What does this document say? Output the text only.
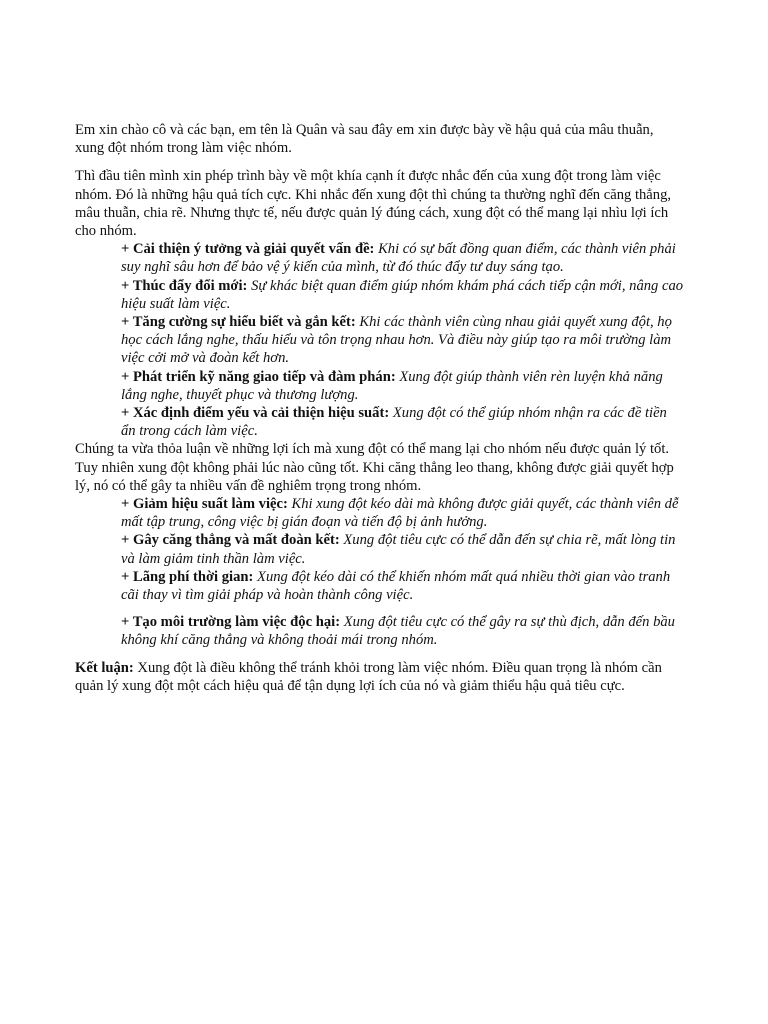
Em xin chào cô và các bạn, em tên là Quân và sau đây em xin được bày về hậu quả của mâu thuẫn, xung đột nhóm trong làm việc nhóm.

Thì đầu tiên mình xin phép trình bày về một khía cạnh ít được nhắc đến của xung đột trong làm việc nhóm. Đó là những hậu quả tích cực. Khi nhắc đến xung đột thì chúng ta thường nghĩ đến căng thẳng, mâu thuẫn, chia rẽ. Nhưng thực tế, nếu được quản lý đúng cách, xung đột có thể mang lại nhìu lợi ích cho nhóm.

+ Cải thiện ý tưởng và giải quyết vấn đề: Khi có sự bất đồng quan điểm, các thành viên phải suy nghĩ sâu hơn để bảo vệ ý kiến của mình, từ đó thúc đẩy tư duy sáng tạo.
+ Thúc đẩy đổi mới: Sự khác biệt quan điểm giúp nhóm khám phá cách tiếp cận mới, nâng cao hiệu suất làm việc.
+ Tăng cường sự hiểu biết và gắn kết: Khi các thành viên cùng nhau giải quyết xung đột, họ học cách lắng nghe, thấu hiểu và tôn trọng nhau hơn. Và điều này giúp tạo ra môi trường làm việc cởi mở và đoàn kết hơn.
+ Phát triển kỹ năng giao tiếp và đàm phán: Xung đột giúp thành viên rèn luyện khả năng lắng nghe, thuyết phục và thương lượng.
+ Xác định điểm yếu và cải thiện hiệu suất: Xung đột có thể giúp nhóm nhận ra các đề tiền ẩn trong cách làm việc.

Chúng ta vừa thỏa luận về những lợi ích mà xung đột có thể mang lại cho nhóm nếu được quản lý tốt. Tuy nhiên xung đột không phải lúc nào cũng tốt. Khi căng thẳng leo thang, không được giải quyết hợp lý, nó có thể gây ta nhiều vấn đề nghiêm trọng trong nhóm.

+ Giảm hiệu suất làm việc: Khi xung đột kéo dài mà không được giải quyết, các thành viên dễ mất tập trung, công việc bị gián đoạn và tiến độ bị ảnh hưởng.
+ Gây căng thẳng và mất đoàn kết: Xung đột tiêu cực có thể dẫn đến sự chia rẽ, mất lòng tin và làm giảm tinh thần làm việc.
+ Lãng phí thời gian: Xung đột kéo dài có thể khiến nhóm mất quá nhiều thời gian vào tranh cãi thay vì tìm giải pháp và hoàn thành công việc.
+ Tạo môi trường làm việc độc hại: Xung đột tiêu cực có thể gây ra sự thù địch, dẫn đến bầu không khí căng thẳng và không thoải mái trong nhóm.

Kết luận: Xung đột là điều không thể tránh khỏi trong làm việc nhóm. Điều quan trọng là nhóm cần quản lý xung đột một cách hiệu quả để tận dụng lợi ích của nó và giảm thiểu hậu quả tiêu cực.
